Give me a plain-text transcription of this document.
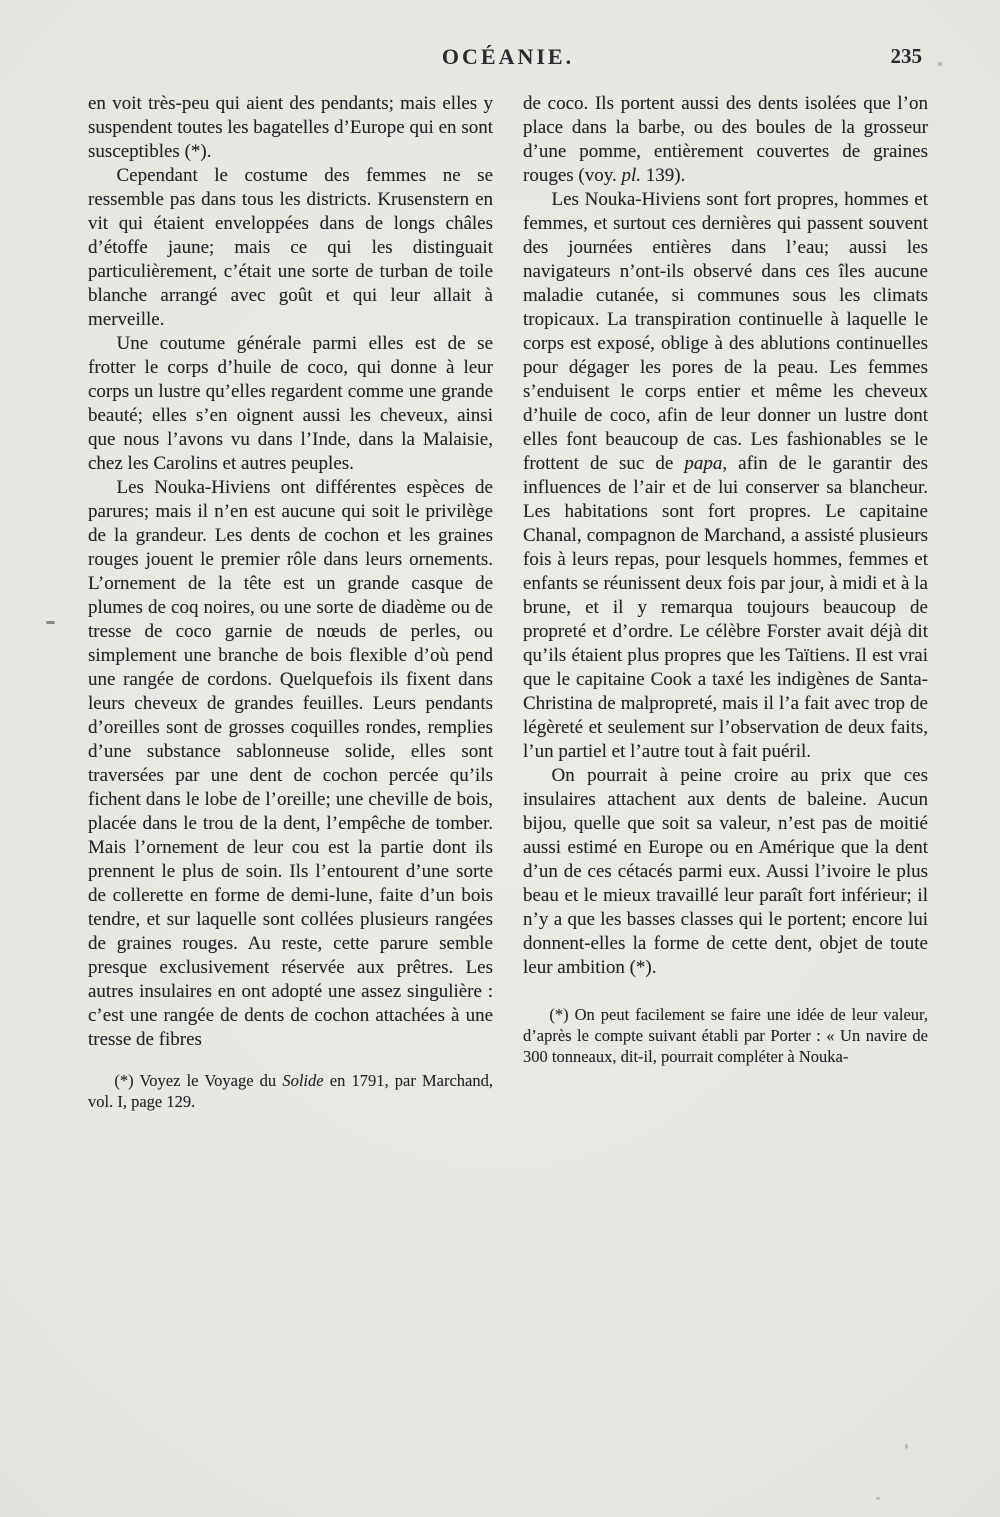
OCÉANIE.	235

en voit très-peu qui aient des pendants; mais elles y suspendent toutes les bagatelles d’Europe qui en sont susceptibles (*).

Cependant le costume des femmes ne se ressemble pas dans tous les districts. Krusenstern en vit qui étaient enveloppées dans de longs châles d’étoffe jaune; mais ce qui les distinguait particulièrement, c’était une sorte de turban de toile blanche arrangé avec goût et qui leur allait à merveille.

Une coutume générale parmi elles est de se frotter le corps d’huile de coco, qui donne à leur corps un lustre qu’elles regardent comme une grande beauté; elles s’en oignent aussi les cheveux, ainsi que nous l’avons vu dans l’Inde, dans la Malaisie, chez les Carolins et autres peuples.

Les Nouka-Hiviens ont différentes espèces de parures; mais il n’en est aucune qui soit le privilège de la grandeur. Les dents de cochon et les graines rouges jouent le premier rôle dans leurs ornements. L’ornement de la tête est un grande casque de plumes de coq noires, ou une sorte de diadème ou de tresse de coco garnie de nœuds de perles, ou simplement une branche de bois flexible d’où pend une rangée de cordons. Quelquefois ils fixent dans leurs cheveux de grandes feuilles. Leurs pendants d’oreilles sont de grosses coquilles rondes, remplies d’une substance sablonneuse solide, elles sont traversées par une dent de cochon percée qu’ils fichent dans le lobe de l’oreille; une cheville de bois, placée dans le trou de la dent, l’empêche de tomber. Mais l’ornement de leur cou est la partie dont ils prennent le plus de soin. Ils l’entourent d’une sorte de collerette en forme de demi-lune, faite d’un bois tendre, et sur laquelle sont collées plusieurs rangées de graines rouges. Au reste, cette parure semble presque exclusivement réservée aux prêtres. Les autres insulaires en ont adopté une assez singulière : c’est une rangée de dents de cochon attachées à une tresse de fibres

(*) Voyez le Voyage du Solide en 1791, par Marchand, vol. I, page 129.

de coco. Ils portent aussi des dents isolées que l’on place dans la barbe, ou des boules de la grosseur d’une pomme, entièrement couvertes de graines rouges (voy. pl. 139).

Les Nouka-Hiviens sont fort propres, hommes et femmes, et surtout ces dernières qui passent souvent des journées entières dans l’eau; aussi les navigateurs n’ont-ils observé dans ces îles aucune maladie cutanée, si communes sous les climats tropicaux. La transpiration continuelle à laquelle le corps est exposé, oblige à des ablutions continuelles pour dégager les pores de la peau. Les femmes s’enduisent le corps entier et même les cheveux d’huile de coco, afin de leur donner un lustre dont elles font beaucoup de cas. Les fashionables se le frottent de suc de papa, afin de le garantir des influences de l’air et de lui conserver sa blancheur. Les habitations sont fort propres. Le capitaine Chanal, compagnon de Marchand, a assisté plusieurs fois à leurs repas, pour lesquels hommes, femmes et enfants se réunissent deux fois par jour, à midi et à la brune, et il y remarqua toujours beaucoup de propreté et d’ordre. Le célèbre Forster avait déjà dit qu’ils étaient plus propres que les Taïtiens. Il est vrai que le capitaine Cook a taxé les indigènes de Santa-Christina de malpropreté, mais il l’a fait avec trop de légèreté et seulement sur l’observation de deux faits, l’un partiel et l’autre tout à fait puéril.

On pourrait à peine croire au prix que ces insulaires attachent aux dents de baleine. Aucun bijou, quelle que soit sa valeur, n’est pas de moitié aussi estimé en Europe ou en Amérique que la dent d’un de ces cétacés parmi eux. Aussi l’ivoire le plus beau et le mieux travaillé leur paraît fort inférieur; il n’y a que les basses classes qui le portent; encore lui donnent-elles la forme de cette dent, objet de toute leur ambition (*).

(*) On peut facilement se faire une idée de leur valeur, d’après le compte suivant établi par Porter : « Un navire de 300 tonneaux, dit-il, pourrait compléter à Nouka-
